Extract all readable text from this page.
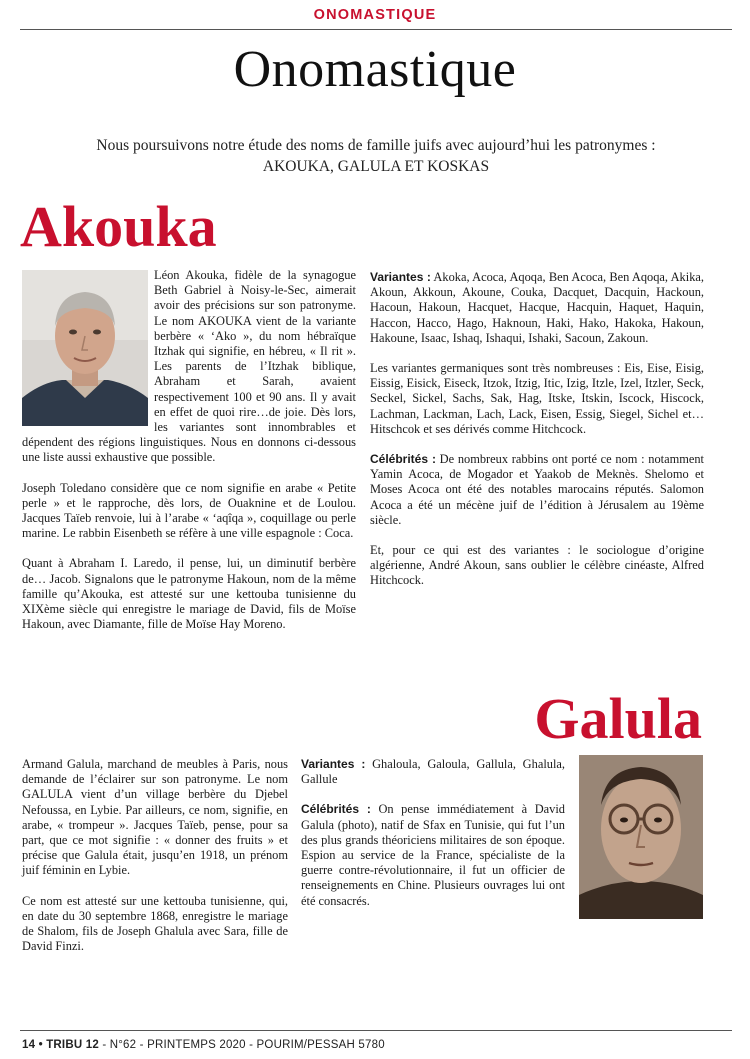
ONOMASTIQUE
Onomastique
Nous poursuivons notre étude des noms de famille juifs avec aujourd’hui les patronymes :
AKOUKA, GALULA ET KOSKAS
Akouka

Léon Akouka, fidèle de la synagogue Beth Gabriel à Noisy-le-Sec, aimerait avoir des précisions sur son patronyme. Le nom AKOUKA vient de la variante berbère « ‘Ako », du nom hébraïque Itzhak qui signifie, en hébreu, « Il rit ». Les parents de l’Itzhak biblique, Abraham et Sarah, avaient respectivement 100 et 90 ans. Il y avait en effet de quoi rire…de joie. Dès lors, les variantes sont innombrables et dépendent des régions linguistiques. Nous en donnons ci-dessous une liste aussi exhaustive que possible.

Joseph Toledano considère que ce nom signifie en arabe « Petite perle » et le rapproche, dès lors, de Ouaknine et de Loulou. Jacques Taïeb renvoie, lui à l’arabe « ‘aqîqa », coquillage ou perle marine. Le rabbin Eisenbeth se réfère à une ville espagnole : Coca.

Quant à Abraham I. Laredo, il pense, lui, un diminutif berbère de… Jacob. Signalons que le patronyme Hakoun, nom de la même famille qu’Akouka, est attesté sur une kettouba tunisienne du XIXème siècle qui enregistre le mariage de David, fils de Moïse Hakoun, avec Diamante, fille de Moïse Hay Moreno.

Variantes : Akoka, Acoca, Aqoqa, Ben Acoca, Ben Aqoqa, Akika, Akoun, Akkoun, Akoune, Couka, Dacquet, Dacquin, Hackoun, Hacoun, Hakoun, Hacquet, Hacque, Hacquin, Haquet, Haquin, Haccon, Hacco, Hago, Haknoun, Haki, Hako, Hakoka, Hakoun, Hakoune, Isaac, Ishaq, Ishaqui, Ishaki, Sacoun, Zakoun.

Les variantes germaniques sont très nombreuses : Eis, Eise, Eisig, Eissig, Eisick, Eiseck, Itzok, Itzig, Itic, Izig, Itzle, Izel, Itzler, Seck, Seckel, Sickel, Sachs, Sak, Hag, Itske, Itskin, Iscock, Hiscock, Lachman, Lackman, Lach, Lack, Eisen, Essig, Siegel, Sichel et… Hitschcok et ses dérivés comme Hitchcock.

Célébrités : De nombreux rabbins ont porté ce nom : notamment Yamin Acoca, de Mogador et Yaakob de Meknès. Shelomo et Moses Acoca ont été des notables marocains réputés. Salomon Acoca a été un mécène juif de l’édition à Jérusalem au 19ème siècle.

Et, pour ce qui est des variantes : le sociologue d’origine algérienne, André Akoun, sans oublier le célèbre cinéaste, Alfred Hitchcock.

Galula

Armand Galula, marchand de meubles à Paris, nous demande de l’éclairer sur son patronyme. Le nom GALULA vient d’un village berbère du Djebel Nefoussa, en Lybie. Par ailleurs, ce nom, signifie, en arabe, « trompeur ». Jacques Taïeb, pense, pour sa part, que ce mot signifie : « donner des fruits » et précise que Galula était, jusqu’en 1918, un prénom juif féminin en Lybie.

Ce nom est attesté sur une kettouba tunisienne, qui, en date du 30 septembre 1868, enregistre le mariage de Shalom, fils de Joseph Ghalula avec Sara, fille de David Finzi.

Variantes : Ghaloula, Galoula, Gallula, Ghalula, Gallule

Célébrités : On pense immédiatement à David Galula (photo), natif de Sfax en Tunisie, qui fut l’un des plus grands théoriciens militaires de son époque. Espion au service de la France, spécialiste de la guerre contre-révolutionnaire, il fut un officier de renseignements en Chine. Plusieurs ouvrages lui ont été consacrés.

14 • TRIBU 12 - N°62 - PRINTEMPS 2020 - POURIM/PESSAH 5780
